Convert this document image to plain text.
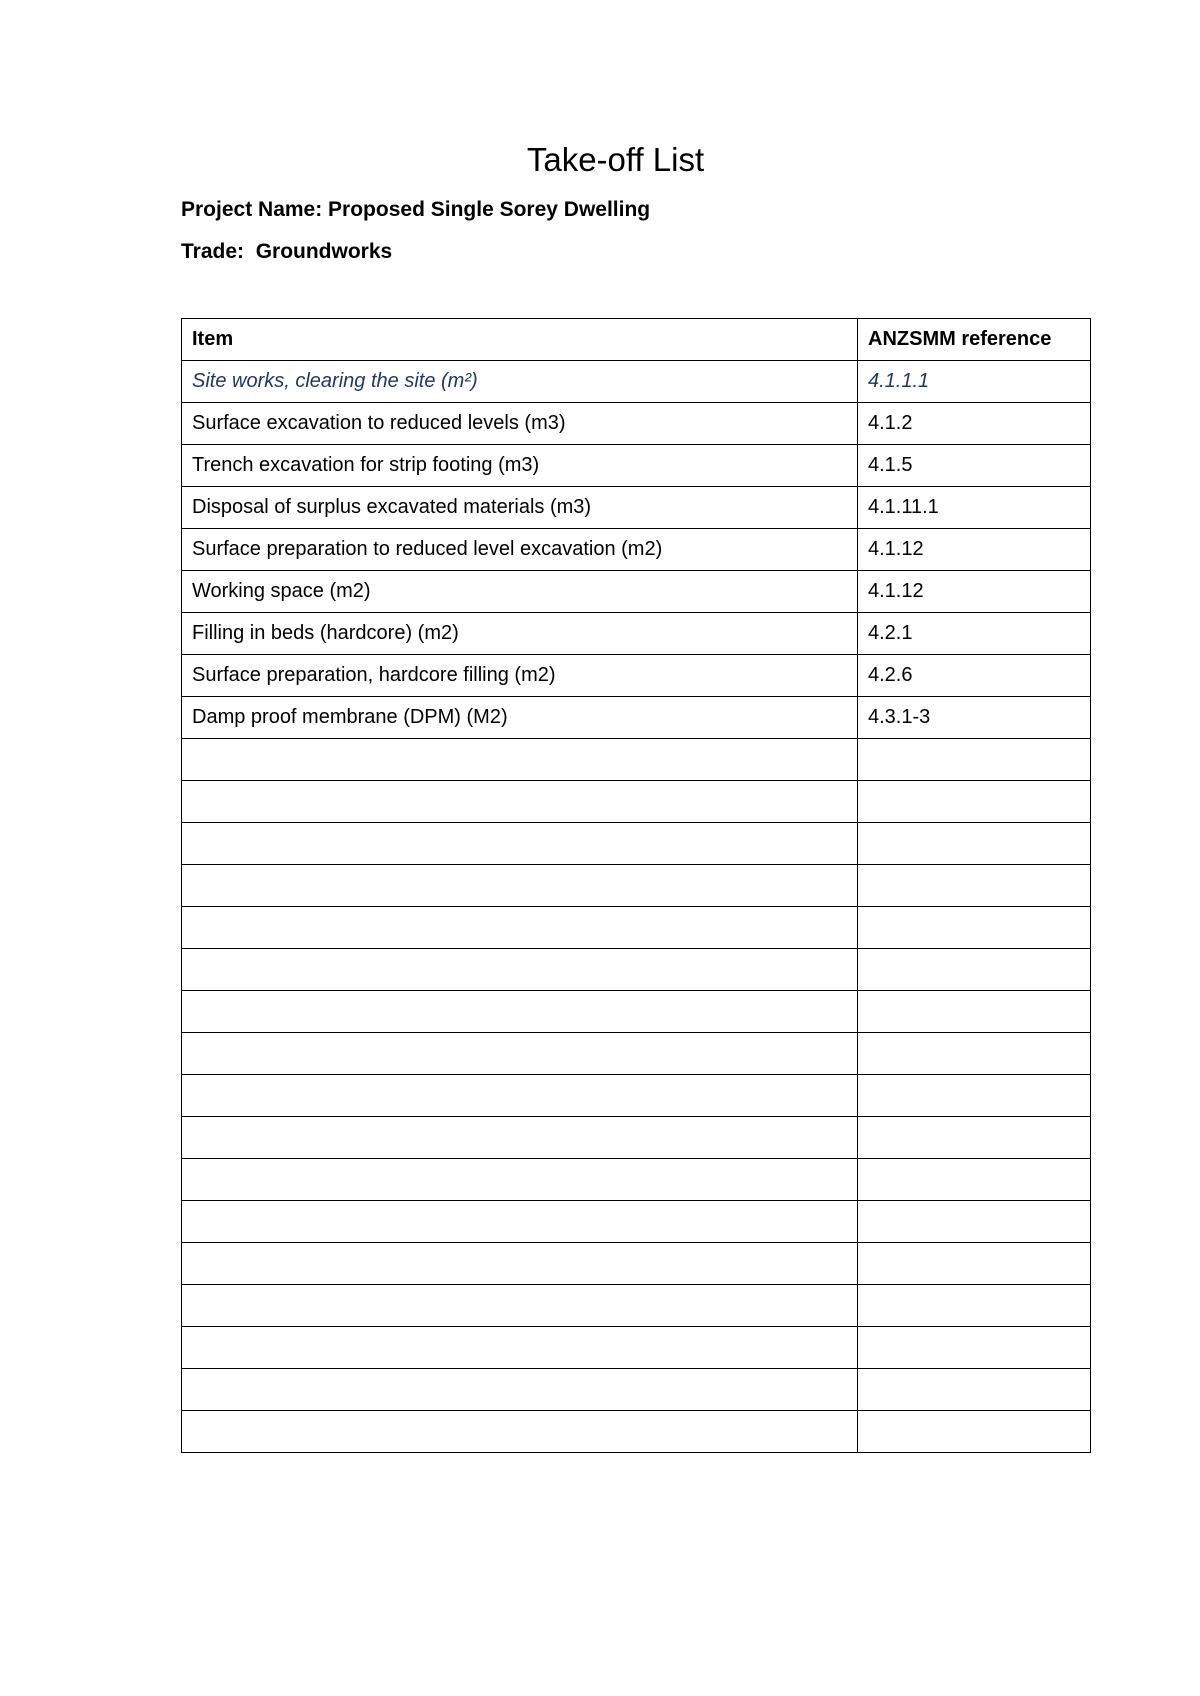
Take-off List
Project Name: Proposed Single Sorey Dwelling
Trade:  Groundworks
Item	ANZSMM reference
Site works, clearing the site (m²)	4.1.1.1
Surface excavation to reduced levels (m3)	4.1.2
Trench excavation for strip footing (m3)	4.1.5
Disposal of surplus excavated materials (m3)	4.1.11.1
Surface preparation to reduced level excavation (m2)	4.1.12
Working space (m2)	4.1.12
Filling in beds (hardcore) (m2)	4.2.1
Surface preparation, hardcore filling (m2)	4.2.6
Damp proof membrane (DPM) (M2)	4.3.1-3
